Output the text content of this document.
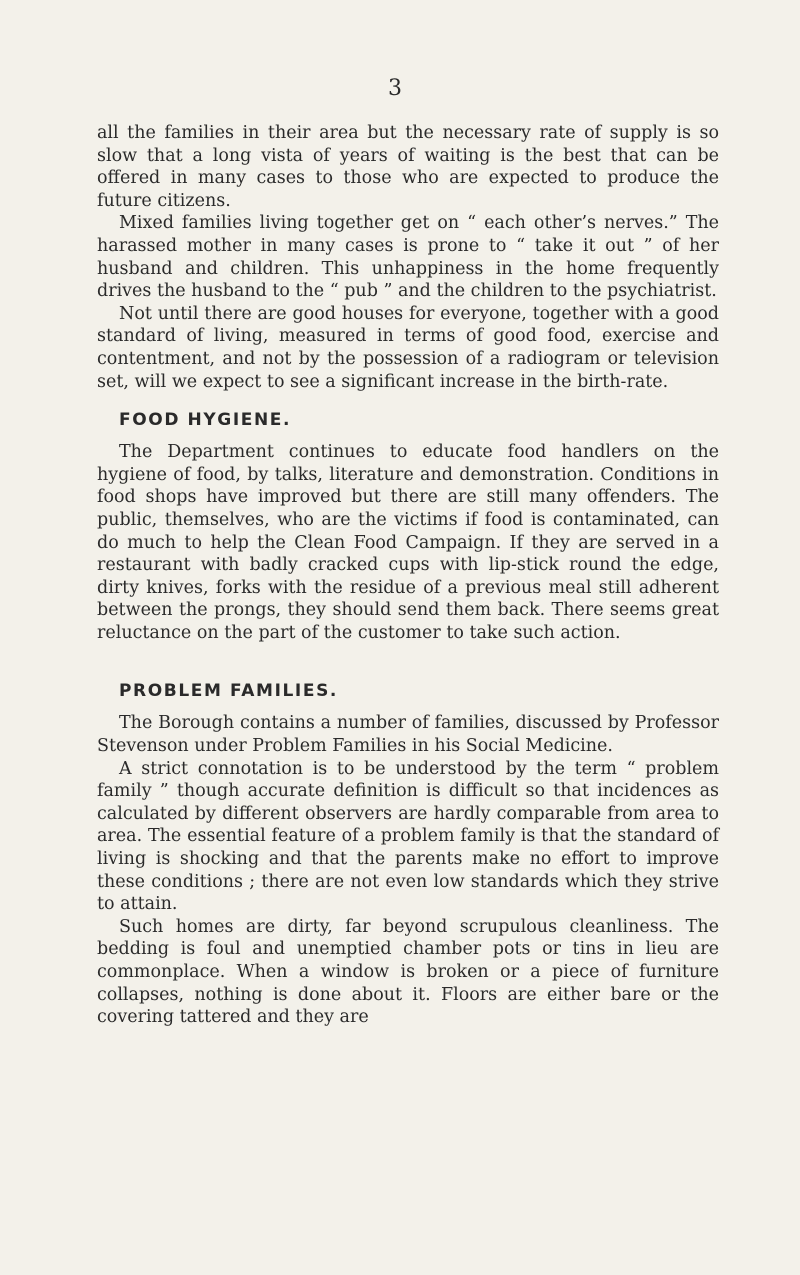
3

all the families in their area but the necessary rate of supply is so slow that a long vista of years of waiting is the best that can be offered in many cases to those who are expected to produce the future citizens.

Mixed families living together get on “ each other’s nerves.” The harassed mother in many cases is prone to “ take it out ” of her husband and children. This unhappiness in the home frequently drives the husband to the “ pub ” and the children to the psychiatrist.

Not until there are good houses for everyone, together with a good standard of living, measured in terms of good food, exercise and contentment, and not by the possession of a radiogram or television set, will we expect to see a significant increase in the birth-rate.

FOOD HYGIENE.

The Department continues to educate food handlers on the hygiene of food, by talks, literature and demonstration. Conditions in food shops have improved but there are still many offenders. The public, themselves, who are the victims if food is contaminated, can do much to help the Clean Food Campaign. If they are served in a restaurant with badly cracked cups with lip-stick round the edge, dirty knives, forks with the residue of a previous meal still adherent between the prongs, they should send them back. There seems great reluctance on the part of the customer to take such action.

PROBLEM FAMILIES.

The Borough contains a number of families, discussed by Professor Stevenson under Problem Families in his Social Medicine.

A strict connotation is to be understood by the term “ problem family ” though accurate definition is difficult so that incidences as calculated by different observers are hardly comparable from area to area. The essential feature of a problem family is that the standard of living is shocking and that the parents make no effort to improve these conditions ; there are not even low standards which they strive to attain.

Such homes are dirty, far beyond scrupulous cleanliness. The bedding is foul and unemptied chamber pots or tins in lieu are commonplace. When a window is broken or a piece of furniture collapses, nothing is done about it. Floors are either bare or the covering tattered and they are
